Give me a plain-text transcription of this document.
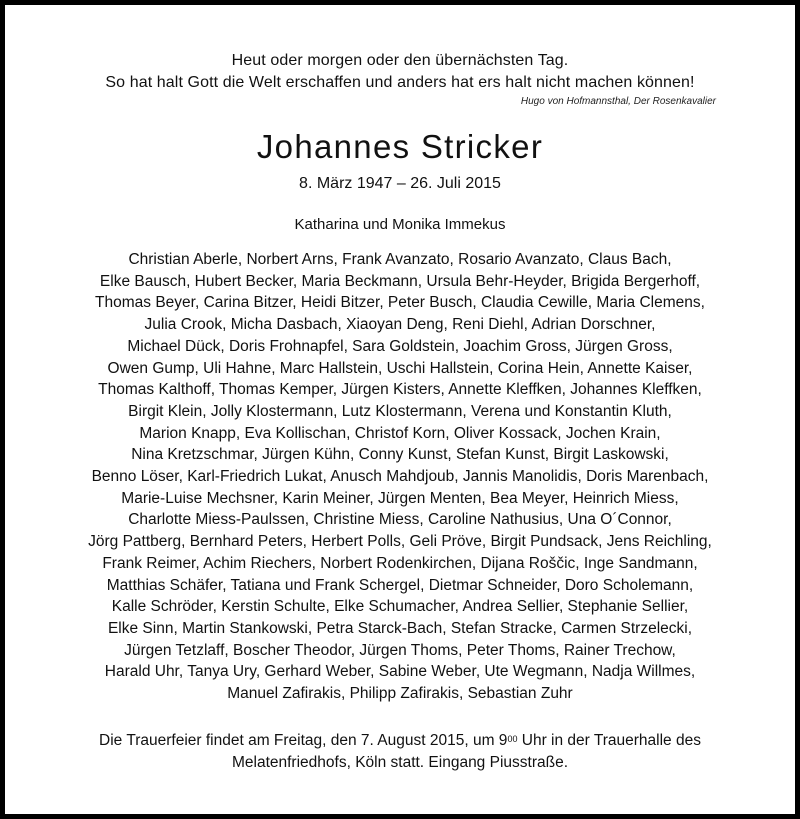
Heut oder morgen oder den übernächsten Tag.
So hat halt Gott die Welt erschaffen und anders hat ers halt nicht machen können!
Hugo von Hofmannsthal, Der Rosenkavalier
Johannes Stricker
8. März 1947 – 26. Juli 2015
Katharina und Monika Immekus
Christian Aberle, Norbert Arns, Frank Avanzato, Rosario Avanzato, Claus Bach,
Elke Bausch, Hubert Becker, Maria Beckmann, Ursula Behr-Heyder, Brigida Bergerhoff,
Thomas Beyer, Carina Bitzer, Heidi Bitzer, Peter Busch, Claudia Cewille, Maria Clemens,
Julia Crook, Micha Dasbach, Xiaoyan Deng, Reni Diehl, Adrian Dorschner,
Michael Dück, Doris Frohnapfel, Sara Goldstein, Joachim Gross, Jürgen Gross,
Owen Gump, Uli Hahne, Marc Hallstein, Uschi Hallstein, Corina Hein, Annette Kaiser,
Thomas Kalthoff, Thomas Kemper, Jürgen Kisters, Annette Kleffken, Johannes Kleffken,
Birgit Klein, Jolly Klostermann, Lutz Klostermann, Verena und Konstantin Kluth,
Marion Knapp, Eva Kollischan, Christof Korn, Oliver Kossack, Jochen Krain,
Nina Kretzschmar, Jürgen Kühn, Conny Kunst, Stefan Kunst, Birgit Laskowski,
Benno Löser, Karl-Friedrich Lukat, Anusch Mahdjoub, Jannis Manolidis, Doris Marenbach,
Marie-Luise Mechsner, Karin Meiner, Jürgen Menten, Bea Meyer, Heinrich Miess,
Charlotte Miess-Paulssen, Christine Miess, Caroline Nathusius, Una O´Connor,
Jörg Pattberg, Bernhard Peters, Herbert Polls, Geli Pröve, Birgit Pundsack, Jens Reichling,
Frank Reimer, Achim Riechers, Norbert Rodenkirchen, Dijana Roščic, Inge Sandmann,
Matthias Schäfer, Tatiana und Frank Schergel, Dietmar Schneider, Doro Scholemann,
Kalle Schröder, Kerstin Schulte, Elke Schumacher, Andrea Sellier, Stephanie Sellier,
Elke Sinn, Martin Stankowski, Petra Starck-Bach, Stefan Stracke, Carmen Strzelecki,
Jürgen Tetzlaff, Boscher Theodor, Jürgen Thoms, Peter Thoms, Rainer Trechow,
Harald Uhr, Tanya Ury, Gerhard Weber, Sabine Weber, Ute Wegmann, Nadja Willmes,
Manuel Zafirakis, Philipp Zafirakis, Sebastian Zuhr
Die Trauerfeier findet am Freitag, den 7. August 2015, um $9^{00}$ Uhr in der Trauerhalle des
Melatenfriedhofs, Köln statt. Eingang Piusstraße.
